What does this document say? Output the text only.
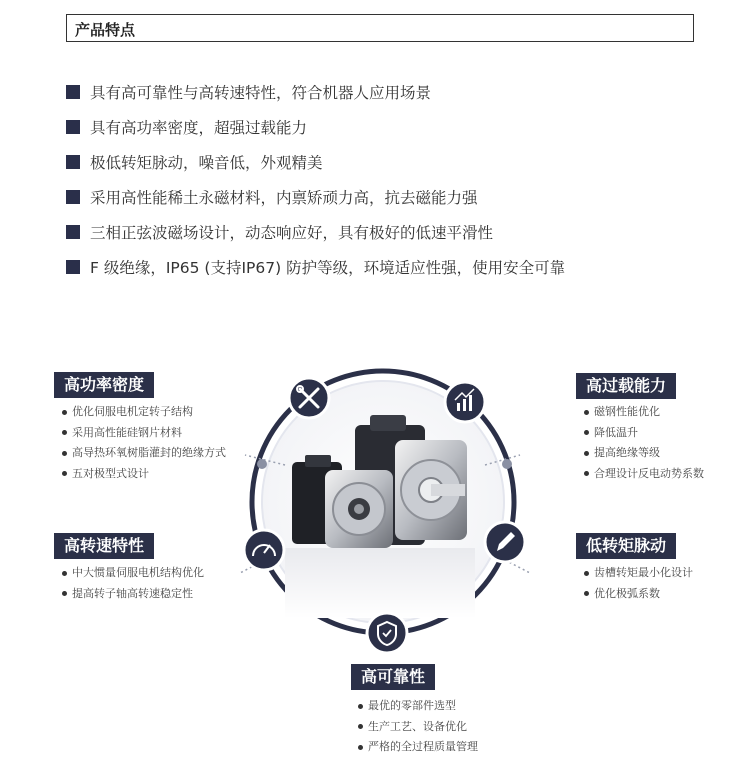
产品特点
具有高可靠性与高转速特性，符合机器人应用场景
具有高功率密度，超强过载能力
极低转矩脉动，噪音低，外观精美
采用高性能稀土永磁材料，内禀矫顽力高，抗去磁能力强
三相正弦波磁场设计，动态响应好，具有极好的低速平滑性
F 级绝缘，IP65 (支持IP67) 防护等级，环境适应性强，使用安全可靠
高功率密度
优化伺服电机定转子结构
采用高性能硅钢片材料
高导热环氧树脂灌封的绝缘方式
五对极型式设计
高过载能力
磁钢性能优化
降低温升
提高绝缘等级
合理设计反电动势系数
高转速特性
中大惯量伺服电机结构优化
提高转子轴高转速稳定性
低转矩脉动
齿槽转矩最小化设计
优化极弧系数
高可靠性
最优的零部件选型
生产工艺、设备优化
严格的全过程质量管理
